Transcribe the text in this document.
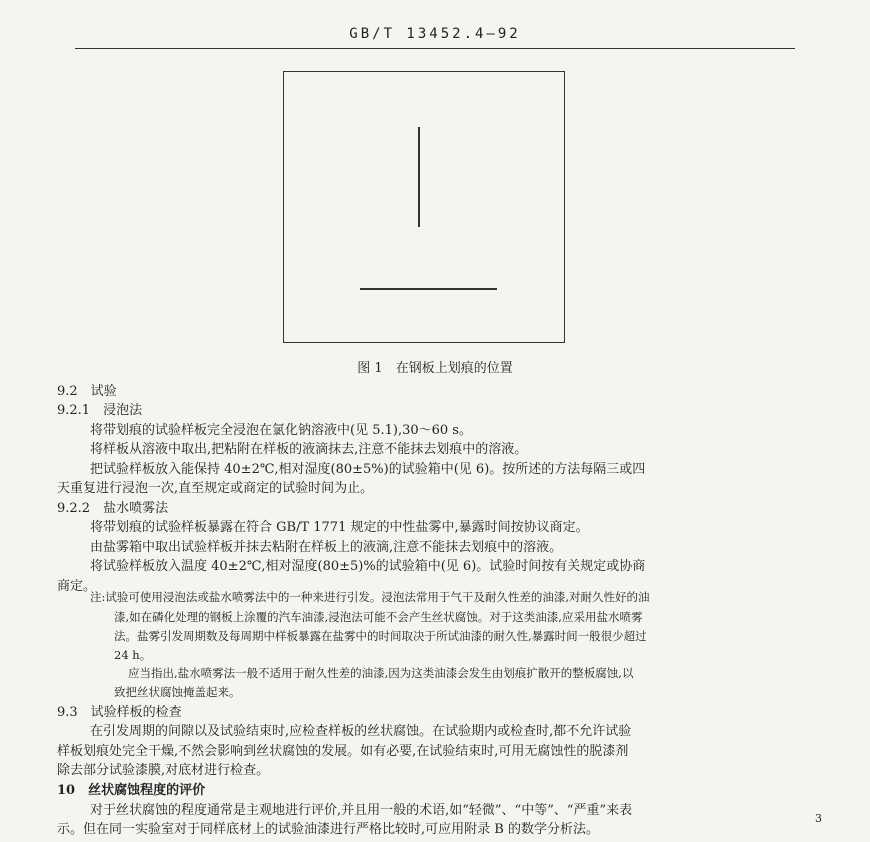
GB/T 13452.4—92
图 1　在钢板上划痕的位置
9.2　试验
9.2.1　浸泡法
将带划痕的试验样板完全浸泡在氯化钠溶液中(见 5.1),30～60 s。
将样板从溶液中取出,把粘附在样板的液滴抹去,注意不能抹去划痕中的溶液。
把试验样板放入能保持 40±2℃,相对湿度(80±5%)的试验箱中(见 6)。按所述的方法每隔三或四
天重复进行浸泡一次,直至规定或商定的试验时间为止。
9.2.2　盐水喷雾法
将带划痕的试验样板暴露在符合 GB/T 1771 规定的中性盐雾中,暴露时间按协议商定。
由盐雾箱中取出试验样板并抹去粘附在样板上的液滴,注意不能抹去划痕中的溶液。
将试验样板放入温度 40±2℃,相对湿度(80±5)%的试验箱中(见 6)。试验时间按有关规定或协商
商定。
注:试验可使用浸泡法或盐水喷雾法中的一种来进行引发。浸泡法常用于气干及耐久性差的油漆,对耐久性好的油
漆,如在磷化处理的钢板上涂覆的汽车油漆,浸泡法可能不会产生丝状腐蚀。对于这类油漆,应采用盐水喷雾
法。盐雾引发周期数及每周期中样板暴露在盐雾中的时间取决于所试油漆的耐久性,暴露时间一般很少超过
24 h。
应当指出,盐水喷雾法一般不适用于耐久性差的油漆,因为这类油漆会发生由划痕扩散开的整板腐蚀,以
致把丝状腐蚀掩盖起来。
9.3　试验样板的检查
在引发周期的间隙以及试验结束时,应检查样板的丝状腐蚀。在试验期内或检查时,都不允许试验
样板划痕处完全干燥,不然会影响到丝状腐蚀的发展。如有必要,在试验结束时,可用无腐蚀性的脱漆剂
除去部分试验漆膜,对底材进行检查。
10　丝状腐蚀程度的评价
对于丝状腐蚀的程度通常是主观地进行评价,并且用一般的术语,如“轻微”、“中等”、“严重”来表
示。但在同一实验室对于同样底材上的试验油漆进行严格比较时,可应用附录 B 的数学分析法。
3
